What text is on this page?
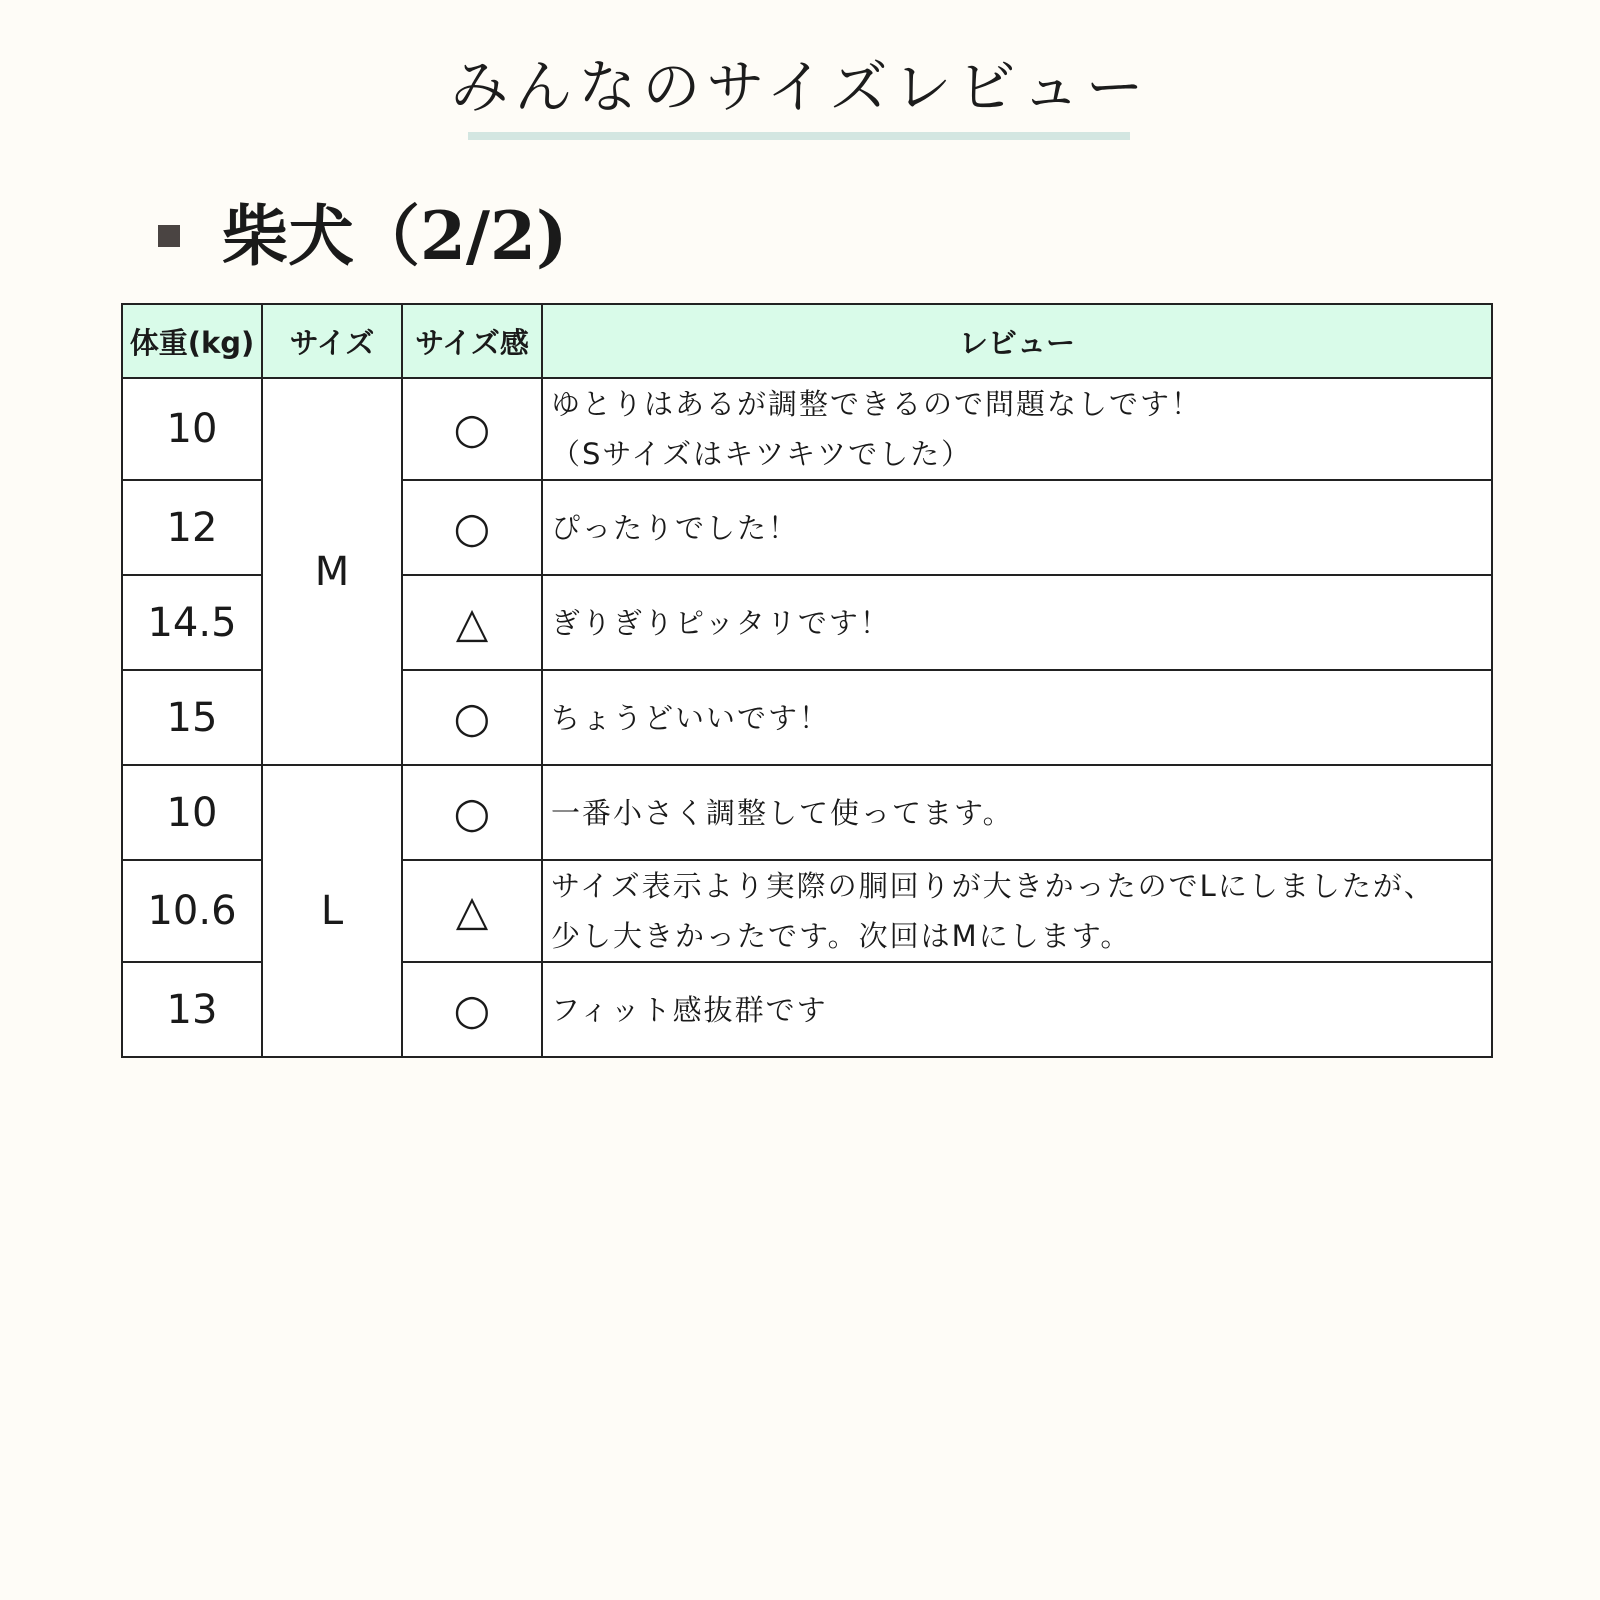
みんなのサイズレビュー
柴犬（2/2)
体重(kg)	サイズ	サイズ感	レビュー
10	M	○	ゆとりはあるが調整できるので問題なしです！
（Sサイズはキツキツでした）
12		○	ぴったりでした！
14.5		△	ぎりぎりピッタリです！
15		○	ちょうどいいです！
10	L	○	一番小さく調整して使ってます。
10.6		△	サイズ表示より実際の胴回りが大きかったのでLにしましたが、
少し大きかったです。次回はMにします。
13		○	フィット感抜群です
